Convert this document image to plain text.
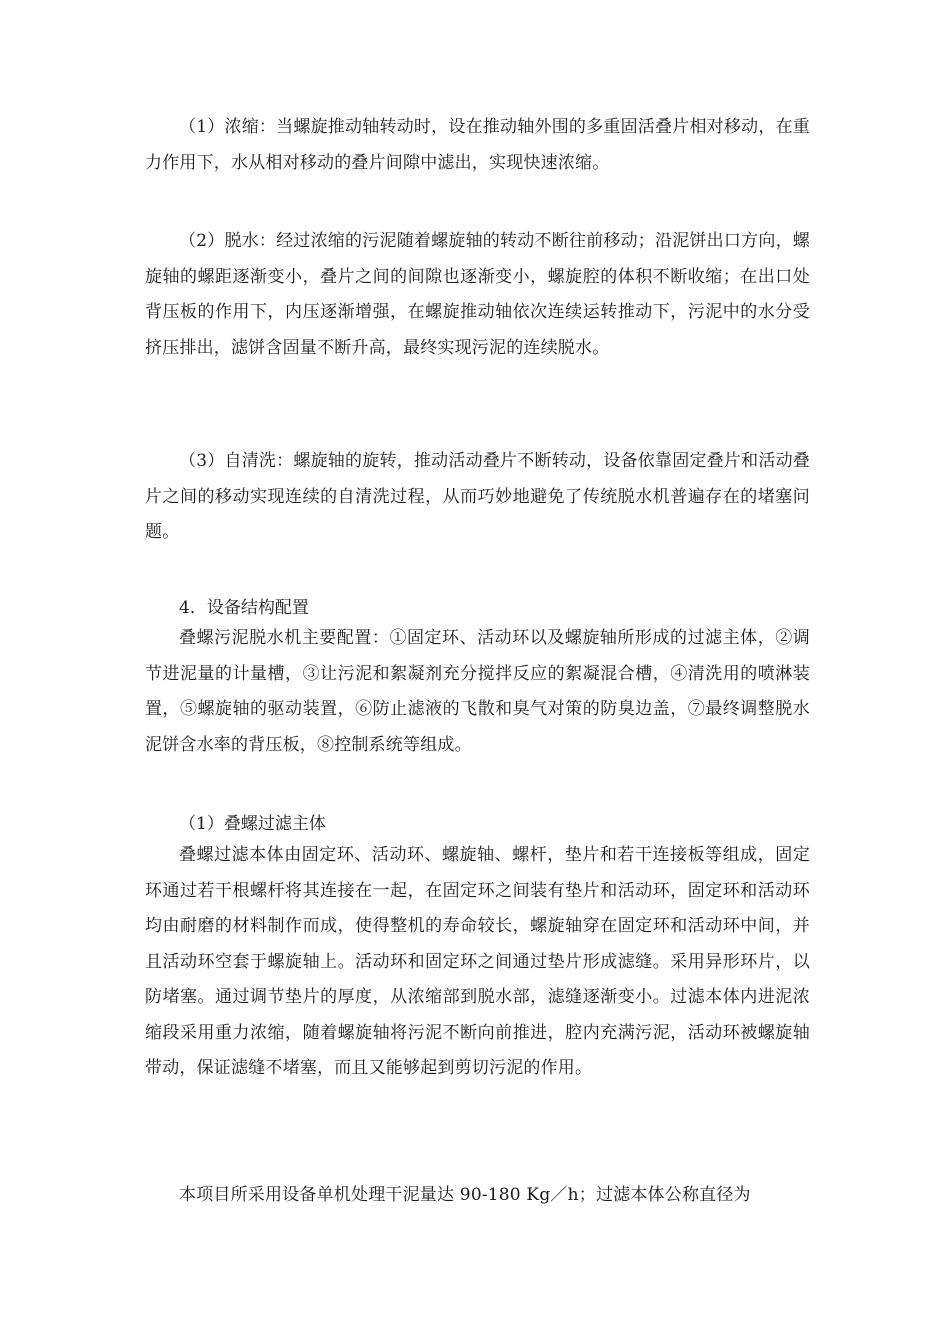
（1）浓缩：当螺旋推动轴转动时，设在推动轴外围的多重固活叠片相对移动，在重力作用下，水从相对移动的叠片间隙中滤出，实现快速浓缩。

（2）脱水：经过浓缩的污泥随着螺旋轴的转动不断往前移动；沿泥饼出口方向，螺旋轴的螺距逐渐变小，叠片之间的间隙也逐渐变小，螺旋腔的体积不断收缩；在出口处背压板的作用下，内压逐渐增强，在螺旋推动轴依次连续运转推动下，污泥中的水分受挤压排出，滤饼含固量不断升高，最终实现污泥的连续脱水。

（3）自清洗：螺旋轴的旋转，推动活动叠片不断转动，设备依靠固定叠片和活动叠片之间的移动实现连续的自清洗过程，从而巧妙地避免了传统脱水机普遍存在的堵塞问题。

4．设备结构配置

叠螺污泥脱水机主要配置：①固定环、活动环以及螺旋轴所形成的过滤主体，②调节进泥量的计量槽，③让污泥和絮凝剂充分搅拌反应的絮凝混合槽，④清洗用的喷淋装置，⑤螺旋轴的驱动装置，⑥防止滤液的飞散和臭气对策的防臭边盖，⑦最终调整脱水泥饼含水率的背压板，⑧控制系统等组成。

（1）叠螺过滤主体

叠螺过滤本体由固定环、活动环、螺旋轴、螺杆，垫片和若干连接板等组成，固定环通过若干根螺杆将其连接在一起，在固定环之间装有垫片和活动环，固定环和活动环均由耐磨的材料制作而成，使得整机的寿命较长，螺旋轴穿在固定环和活动环中间，并且活动环空套于螺旋轴上。活动环和固定环之间通过垫片形成滤缝。采用异形环片，以防堵塞。通过调节垫片的厚度，从浓缩部到脱水部，滤缝逐渐变小。过滤本体内进泥浓缩段采用重力浓缩，随着螺旋轴将污泥不断向前推进，腔内充满污泥，活动环被螺旋轴带动，保证滤缝不堵塞，而且又能够起到剪切污泥的作用。

本项目所采用设备单机处理干泥量达 90-180 Kg／h；过滤本体公称直径为
